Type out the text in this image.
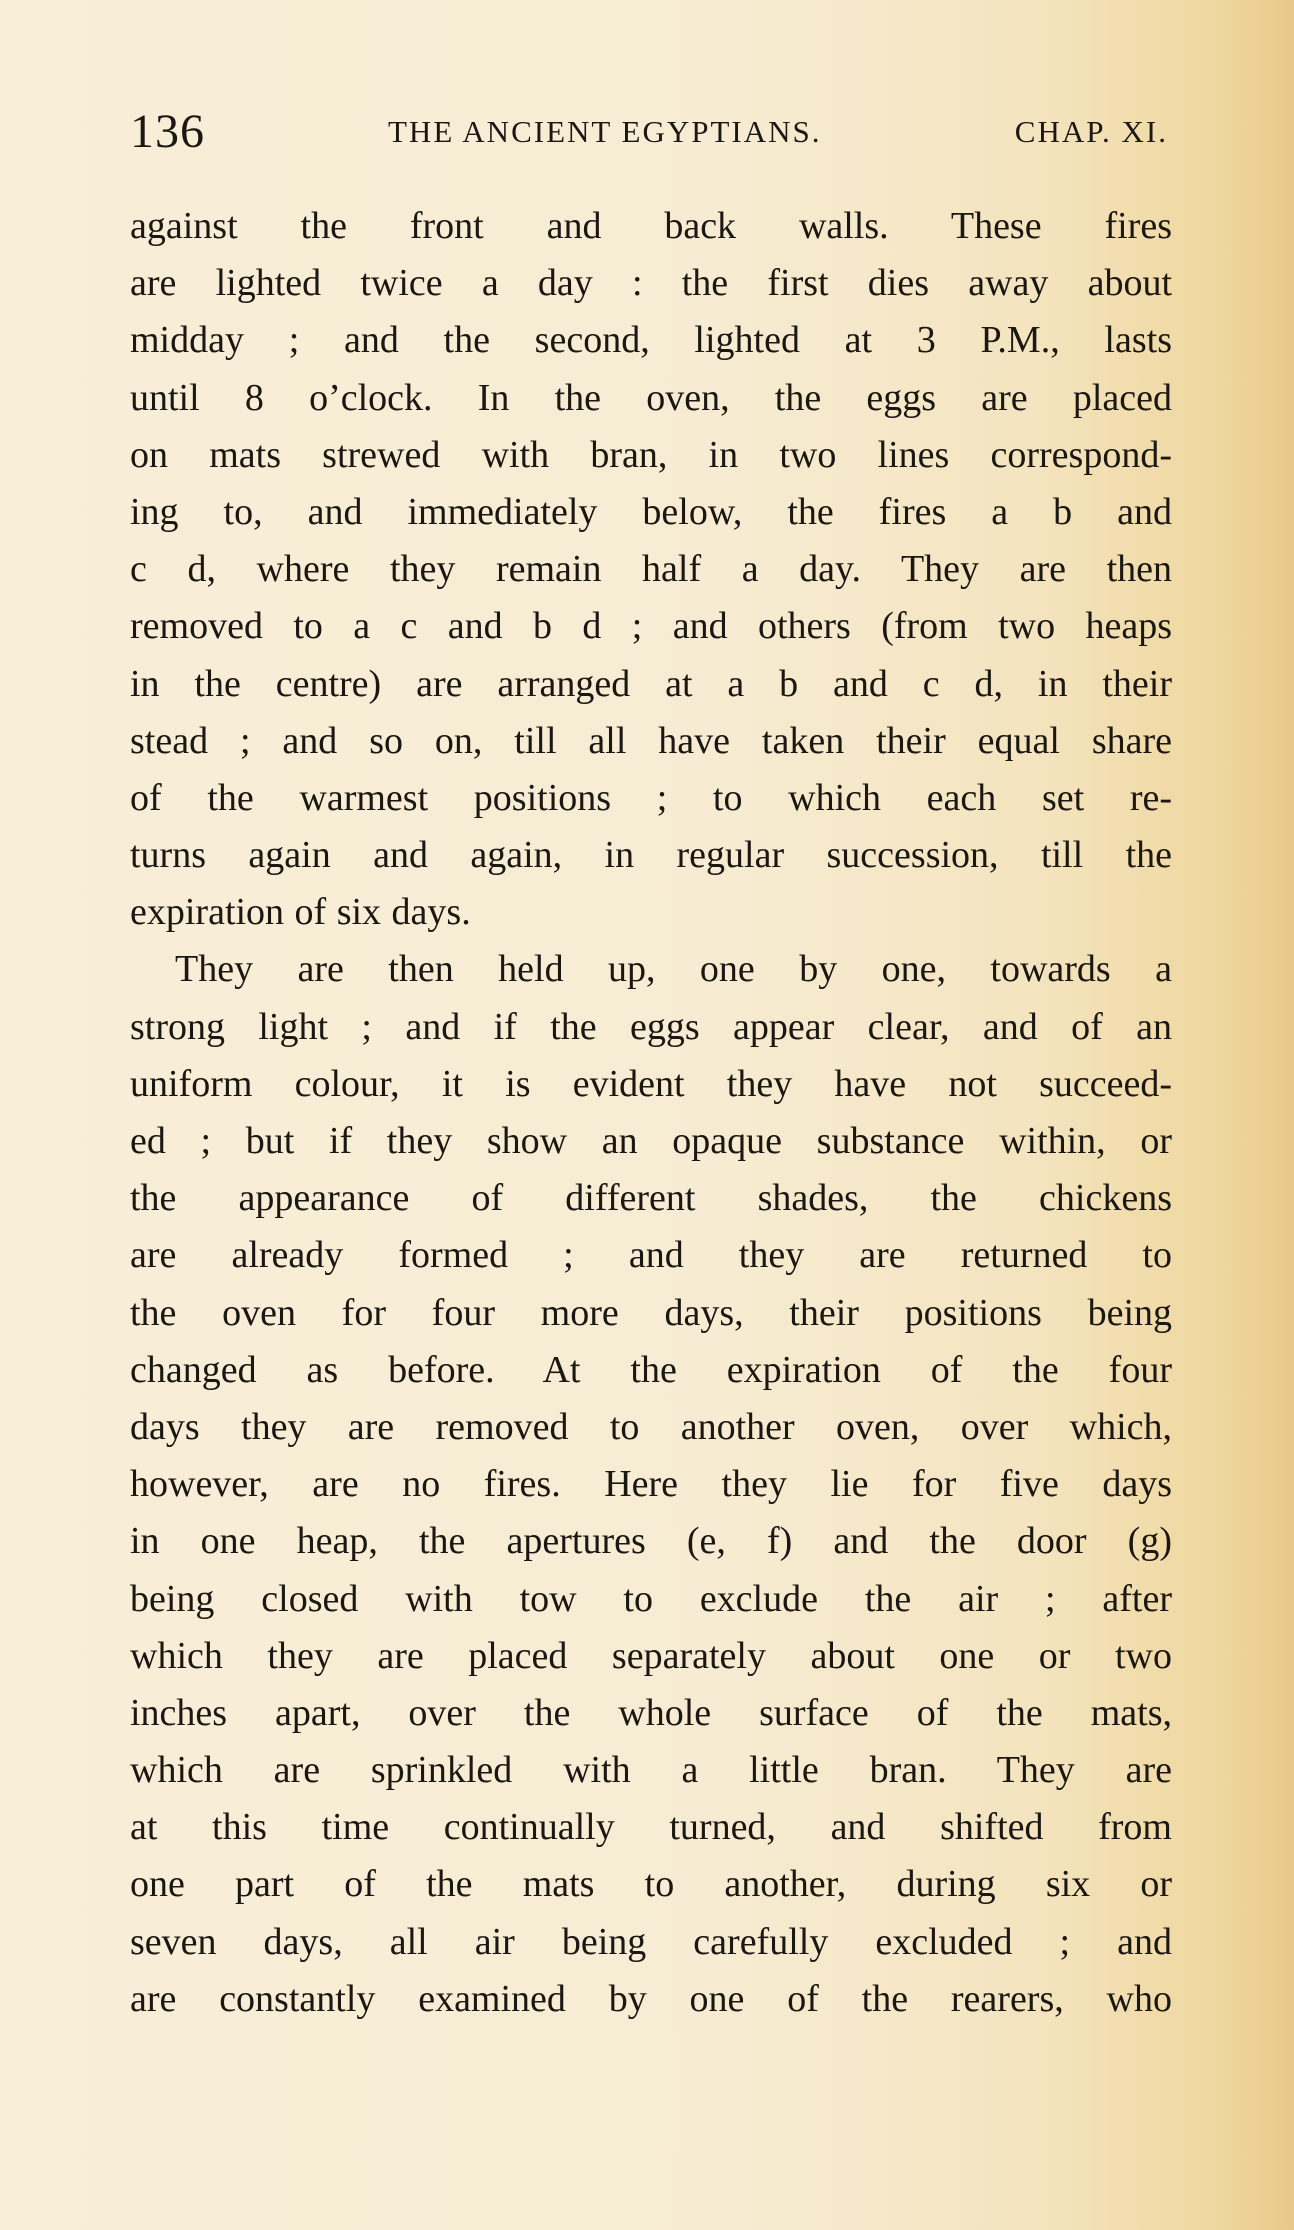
136	THE ANCIENT EGYPTIANS.	CHAP. XI.
against the front and back walls. These fires
are lighted twice a day : the first dies away about
midday ; and the second, lighted at 3 P.M., lasts
until 8 o’clock. In the oven, the eggs are placed
on mats strewed with bran, in two lines correspond-
ing to, and immediately below, the fires a b and
c d, where they remain half a day. They are then
removed to a c and b d ; and others (from two heaps
in the centre) are arranged at a b and c d, in their
stead ; and so on, till all have taken their equal share
of the warmest positions ; to which each set re-
turns again and again, in regular succession, till the
expiration of six days.
They are then held up, one by one, towards a
strong light ; and if the eggs appear clear, and of an
uniform colour, it is evident they have not succeed-
ed ; but if they show an opaque substance within, or
the appearance of different shades, the chickens
are already formed ; and they are returned to
the oven for four more days, their positions being
changed as before. At the expiration of the four
days they are removed to another oven, over which,
however, are no fires. Here they lie for five days
in one heap, the apertures (e, f) and the door (g)
being closed with tow to exclude the air ; after
which they are placed separately about one or two
inches apart, over the whole surface of the mats,
which are sprinkled with a little bran. They are
at this time continually turned, and shifted from
one part of the mats to another, during six or
seven days, all air being carefully excluded ; and
are constantly examined by one of the rearers, who
